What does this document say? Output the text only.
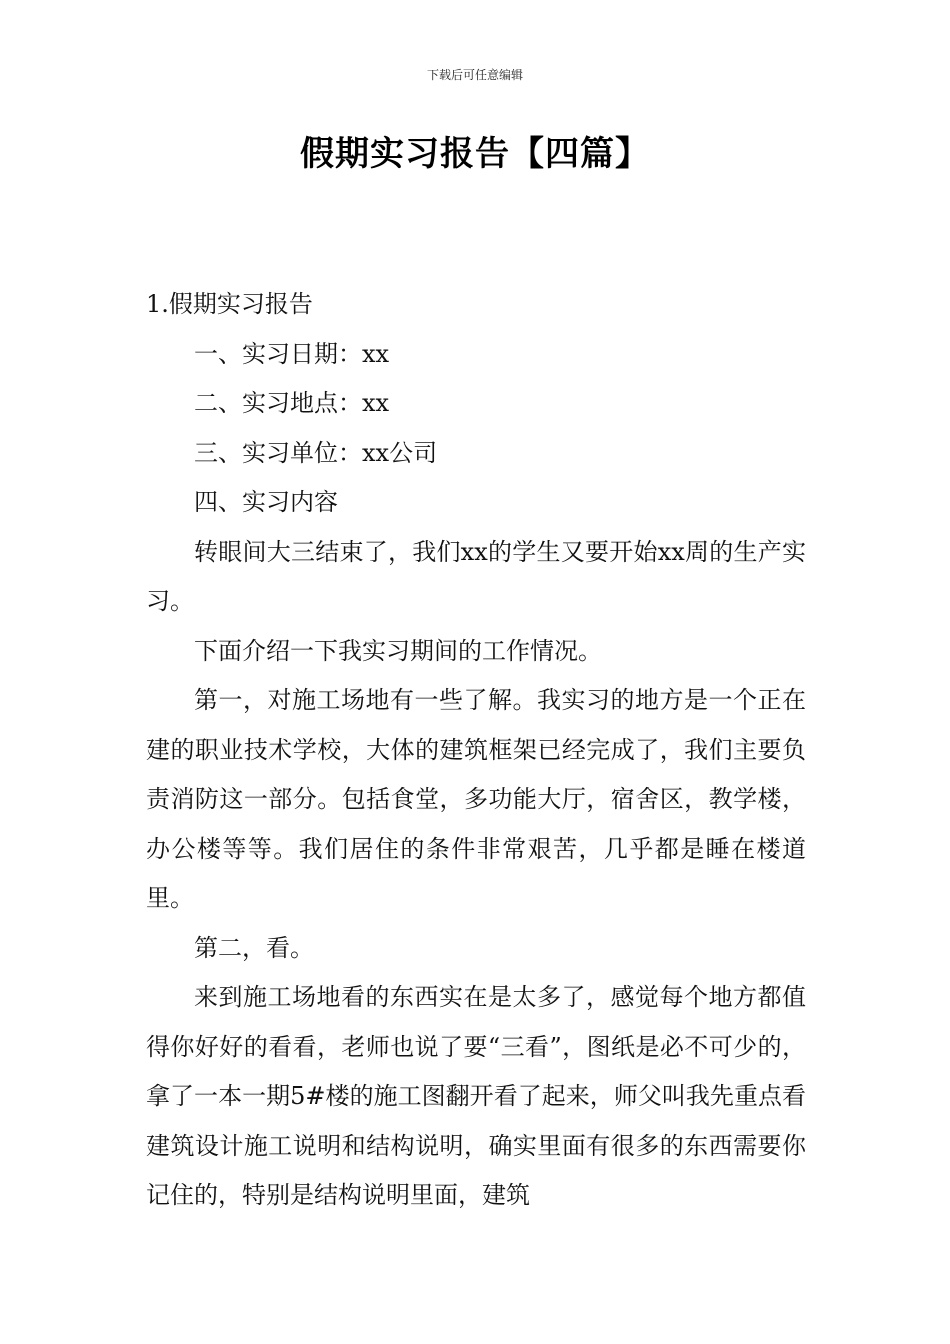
下载后可任意编辑
假期实习报告【四篇】

1.假期实习报告

一、实习日期：xx

二、实习地点：xx

三、实习单位：xx公司

四、实习内容

转眼间大三结束了，我们xx的学生又要开始xx周的生产实习。

下面介绍一下我实习期间的工作情况。

第一，对施工场地有一些了解。我实习的地方是一个正在建的职业技术学校，大体的建筑框架已经完成了，我们主要负责消防这一部分。包括食堂，多功能大厅，宿舍区，教学楼，办公楼等等。我们居住的条件非常艰苦，几乎都是睡在楼道里。

第二，看。

来到施工场地看的东西实在是太多了，感觉每个地方都值得你好好的看看，老师也说了要“三看”，图纸是必不可少的，拿了一本一期5#楼的施工图翻开看了起来，师父叫我先重点看建筑设计施工说明和结构说明，确实里面有很多的东西需要你记住的，特别是结构说明里面，建筑
